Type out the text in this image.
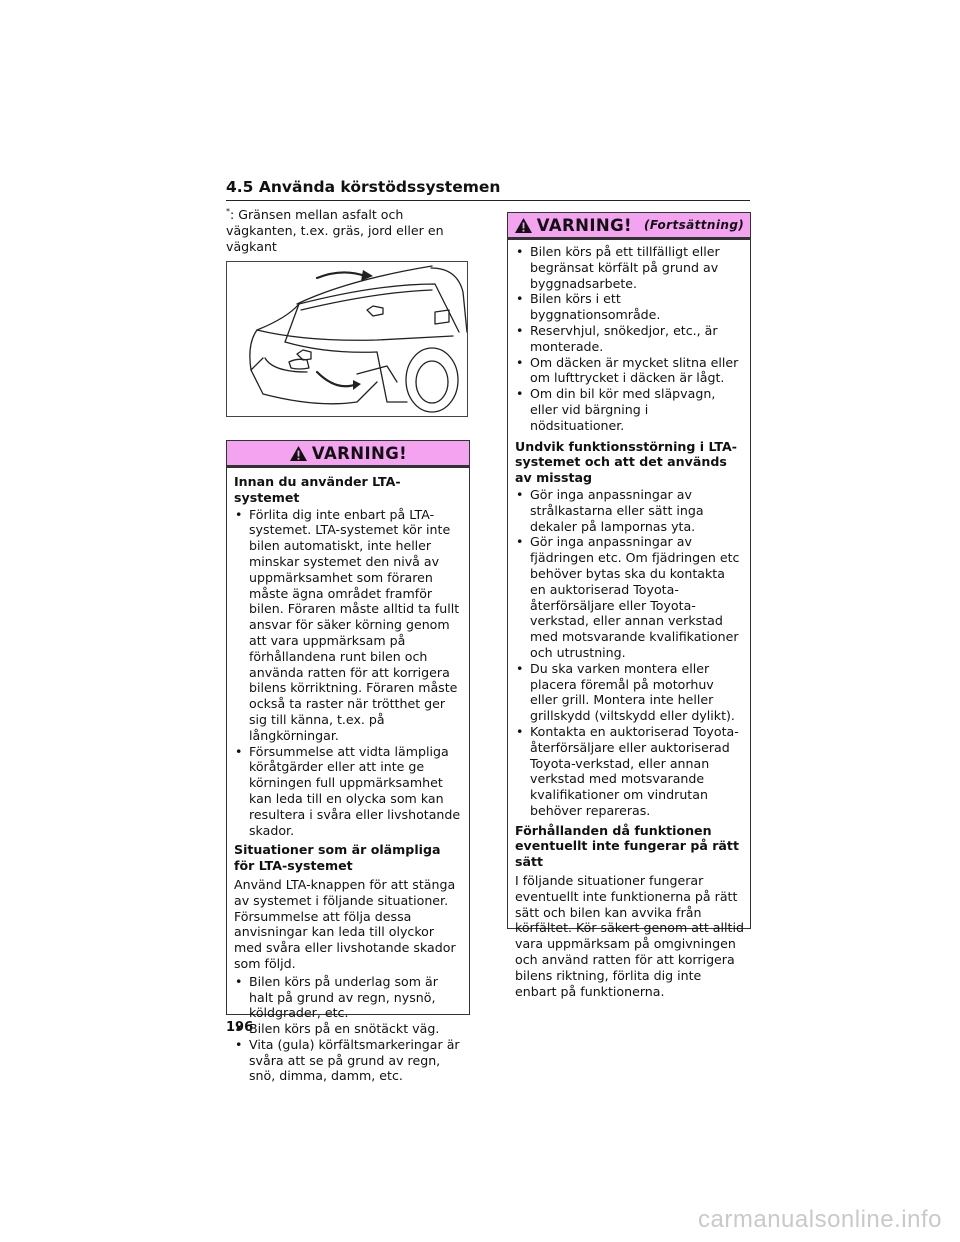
4.5 Använda körstödssystemen
*: Gränsen mellan asfalt och vägkanten, t.ex. gräs, jord eller en vägkant
VARNING!
Innan du använder LTA-systemet
• Förlita dig inte enbart på LTA-systemet. LTA-systemet kör inte bilen automatiskt, inte heller minskar systemet den nivå av uppmärksamhet som föraren måste ägna området framför bilen. Föraren måste alltid ta fullt ansvar för säker körning genom att vara uppmärksam på förhållandena runt bilen och använda ratten för att korrigera bilens körriktning. Föraren måste också ta raster när trötthet ger sig till känna, t.ex. på långkörningar.
• Försummelse att vidta lämpliga köråtgärder eller att inte ge körningen full uppmärksamhet kan leda till en olycka som kan resultera i svåra eller livshotande skador.
Situationer som är olämpliga för LTA-systemet
Använd LTA-knappen för att stänga av systemet i följande situationer. Försummelse att följa dessa anvisningar kan leda till olyckor med svåra eller livshotande skador som följd.
• Bilen körs på underlag som är halt på grund av regn, nysnö, köldgrader, etc.
• Bilen körs på en snötäckt väg.
• Vita (gula) körfältsmarkeringar är svåra att se på grund av regn, snö, dimma, damm, etc.
VARNING! (Fortsättning)
• Bilen körs på ett tillfälligt eller begränsat körfält på grund av byggnadsarbete.
• Bilen körs i ett byggnationsområde.
• Reservhjul, snökedjor, etc., är monterade.
• Om däcken är mycket slitna eller om lufttrycket i däcken är lågt.
• Om din bil kör med släpvagn, eller vid bärgning i nödsituationer.
Undvik funktionsstörning i LTA-systemet och att det används av misstag
• Gör inga anpassningar av strålkastarna eller sätt inga dekaler på lampornas yta.
• Gör inga anpassningar av fjädringen etc. Om fjädringen etc behöver bytas ska du kontakta en auktoriserad Toyota-återförsäljare eller Toyota-verkstad, eller annan verkstad med motsvarande kvalifikationer och utrustning.
• Du ska varken montera eller placera föremål på motorhuv eller grill. Montera inte heller grillskydd (viltskydd eller dylikt).
• Kontakta en auktoriserad Toyota-återförsäljare eller auktoriserad Toyota-verkstad, eller annan verkstad med motsvarande kvalifikationer om vindrutan behöver repareras.
Förhållanden då funktionen eventuellt inte fungerar på rätt sätt
I följande situationer fungerar eventuellt inte funktionerna på rätt sätt och bilen kan avvika från körfältet. Kör säkert genom att alltid vara uppmärksam på omgivningen och använd ratten för att korrigera bilens riktning, förlita dig inte enbart på funktionerna.
196
carmanualsonline.info
